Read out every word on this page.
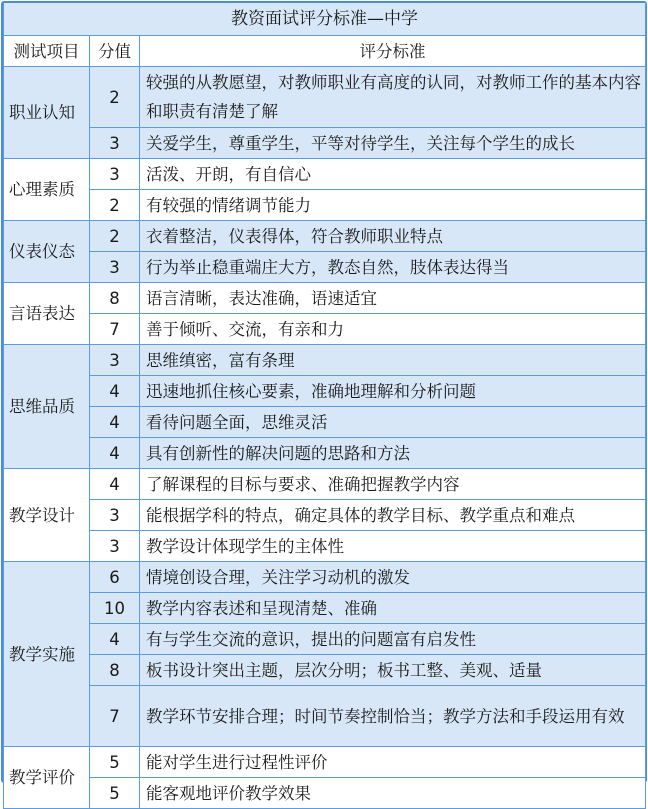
教资面试评分标准—中学		
测试项目	分值	评分标准
职业认知	2	较强的从教愿望，对教师职业有高度的认同，对教师工作的基本内容和职责有清楚了解
	3	关爱学生，尊重学生，平等对待学生，关注每个学生的成长
心理素质	3	活泼、开朗，有自信心
	2	有较强的情绪调节能力
仪表仪态	2	衣着整洁，仪表得体，符合教师职业特点
	3	行为举止稳重端庄大方，教态自然，肢体表达得当
言语表达	8	语言清晰，表达准确，语速适宜
	7	善于倾听、交流，有亲和力
思维品质	3	思维缜密，富有条理
	4	迅速地抓住核心要素，准确地理解和分析问题
	4	看待问题全面，思维灵活
	4	具有创新性的解决问题的思路和方法
教学设计	4	了解课程的目标与要求、准确把握教学内容
	3	能根据学科的特点，确定具体的教学目标、教学重点和难点
	3	教学设计体现学生的主体性
教学实施	6	情境创设合理，关注学习动机的激发
	10	教学内容表述和呈现清楚、准确
	4	有与学生交流的意识，提出的问题富有启发性
	8	板书设计突出主题，层次分明；板书工整、美观、适量
	7	教学环节安排合理；时间节奏控制恰当；教学方法和手段运用有效
教学评价	5	能对学生进行过程性评价
	5	能客观地评价教学效果
